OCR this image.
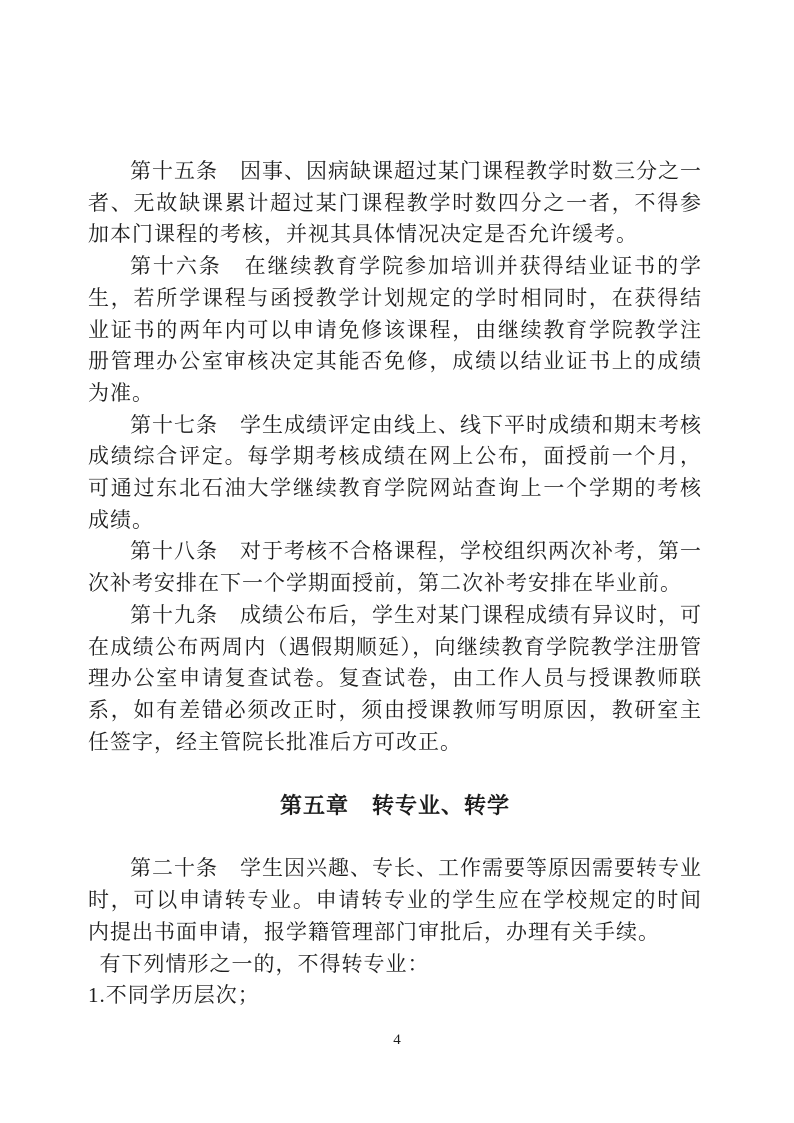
第十五条　因事、因病缺课超过某门课程教学时数三分之一者、无故缺课累计超过某门课程教学时数四分之一者，不得参加本门课程的考核，并视其具体情况决定是否允许缓考。

第十六条　在继续教育学院参加培训并获得结业证书的学生，若所学课程与函授教学计划规定的学时相同时，在获得结业证书的两年内可以申请免修该课程，由继续教育学院教学注册管理办公室审核决定其能否免修，成绩以结业证书上的成绩为准。

第十七条　学生成绩评定由线上、线下平时成绩和期末考核成绩综合评定。每学期考核成绩在网上公布，面授前一个月，可通过东北石油大学继续教育学院网站查询上一个学期的考核成绩。

第十八条　对于考核不合格课程，学校组织两次补考，第一次补考安排在下一个学期面授前，第二次补考安排在毕业前。

第十九条　成绩公布后，学生对某门课程成绩有异议时，可在成绩公布两周内（遇假期顺延），向继续教育学院教学注册管理办公室申请复查试卷。复查试卷，由工作人员与授课教师联系，如有差错必须改正时，须由授课教师写明原因，教研室主任签字，经主管院长批准后方可改正。

第五章　转专业、转学

第二十条　学生因兴趣、专长、工作需要等原因需要转专业时，可以申请转专业。申请转专业的学生应在学校规定的时间内提出书面申请，报学籍管理部门审批后，办理有关手续。

有下列情形之一的，不得转专业：

1.不同学历层次；

4
